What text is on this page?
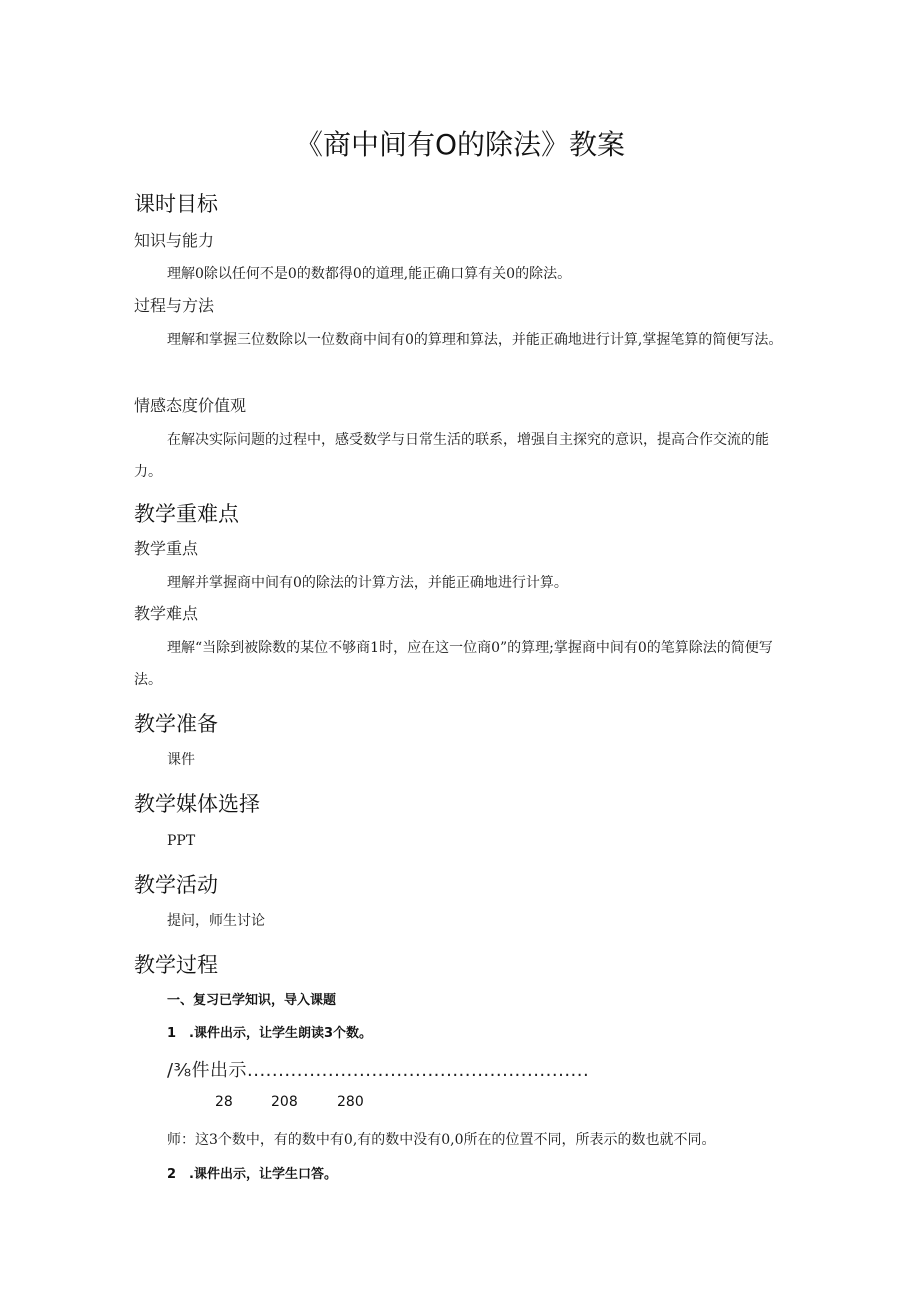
《商中间有O的除法》教案
课时目标
知识与能力
理解0除以任何不是0的数都得0的道理,能正确口算有关0的除法。
过程与方法
理解和掌握三位数除以一位数商中间有0的算理和算法，并能正确地进行计算,掌握笔算的简便写法。
情感态度价值观
在解决实际问题的过程中，感受数学与日常生活的联系，增强自主探究的意识，提高合作交流的能力。
教学重难点
教学重点
理解并掌握商中间有0的除法的计算方法，并能正确地进行计算。
教学难点
理解“当除到被除数的某位不够商1时，应在这一位商0”的算理;掌握商中间有0的笔算除法的简便写法。
教学准备
课件
教学媒体选择
PPT
教学活动
提问，师生讨论
教学过程
一、复习已学知识，导入课题
1　.课件出示，让学生朗读3个数。
/⅜件出示.......................................................
28	208	280
师：这3个数中，有的数中有0,有的数中没有0,0所在的位置不同，所表示的数也就不同。
2　.课件出示，让学生口答。
